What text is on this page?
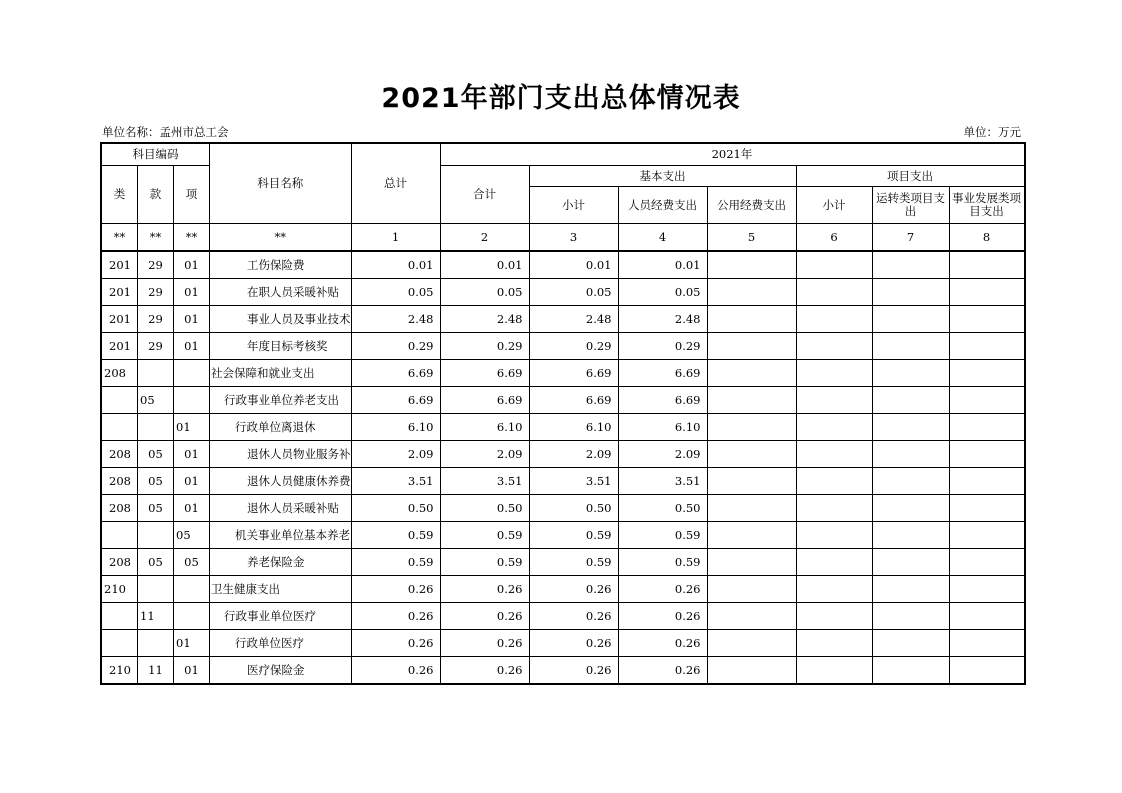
2021年部门支出总体情况表
单位名称：孟州市总工会	单位：万元
科目编码			科目名称	总计	2021年						
类	款	项			合计	基本支出			项目支出		
						小计	人员经费支出	公用经费支出	小计	运转类项目支出	事业发展类项目支出
**	**	**	**	1	2	3	4	5	6	7	8
201	29	01	工伤保险费	0.01	0.01	0.01	0.01				
201	29	01	在职人员采暖补贴	0.05	0.05	0.05	0.05				
201	29	01	事业人员及事业技术	2.48	2.48	2.48	2.48				
201	29	01	年度目标考核奖	0.29	0.29	0.29	0.29				
208			社会保障和就业支出	6.69	6.69	6.69	6.69				
	05		行政事业单位养老支出	6.69	6.69	6.69	6.69				
		01	行政单位离退休	6.10	6.10	6.10	6.10				
208	05	01	退休人员物业服务补	2.09	2.09	2.09	2.09				
208	05	01	退休人员健康休养费	3.51	3.51	3.51	3.51				
208	05	01	退休人员采暖补贴	0.50	0.50	0.50	0.50				
		05	机关事业单位基本养老	0.59	0.59	0.59	0.59				
208	05	05	养老保险金	0.59	0.59	0.59	0.59				
210			卫生健康支出	0.26	0.26	0.26	0.26				
	11		行政事业单位医疗	0.26	0.26	0.26	0.26				
		01	行政单位医疗	0.26	0.26	0.26	0.26				
210	11	01	医疗保险金	0.26	0.26	0.26	0.26				
